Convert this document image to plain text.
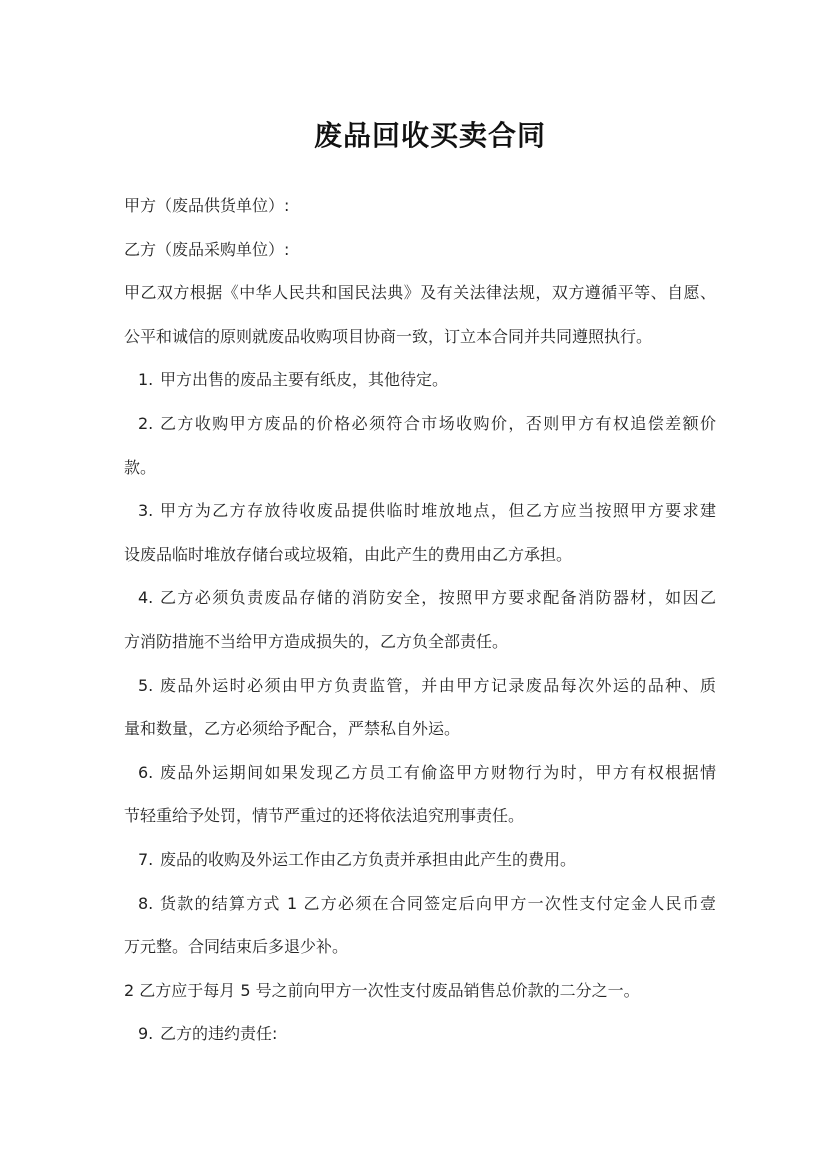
废品回收买卖合同
甲方（废品供货单位）:
乙方（废品采购单位）:
甲乙双方根据《中华人民共和国民法典》及有关法律法规，双方遵循平等、自愿、
公平和诚信的原则就废品收购项目协商一致，订立本合同并共同遵照执行。
1. 甲方出售的废品主要有纸皮，其他待定。
2. 乙方收购甲方废品的价格必须符合市场收购价，否则甲方有权追偿差额价
款。
3. 甲方为乙方存放待收废品提供临时堆放地点，但乙方应当按照甲方要求建
设废品临时堆放存储台或垃圾箱，由此产生的费用由乙方承担。
4. 乙方必须负责废品存储的消防安全，按照甲方要求配备消防器材，如因乙
方消防措施不当给甲方造成损失的，乙方负全部责任。
5. 废品外运时必须由甲方负责监管，并由甲方记录废品每次外运的品种、质
量和数量，乙方必须给予配合，严禁私自外运。
6. 废品外运期间如果发现乙方员工有偷盗甲方财物行为时，甲方有权根据情
节轻重给予处罚，情节严重过的还将依法追究刑事责任。
7. 废品的收购及外运工作由乙方负责并承担由此产生的费用。
8. 货款的结算方式 1 乙方必须在合同签定后向甲方一次性支付定金人民币壹
万元整。合同结束后多退少补。
2 乙方应于每月 5 号之前向甲方一次性支付废品销售总价款的二分之一。
9. 乙方的违约责任:
